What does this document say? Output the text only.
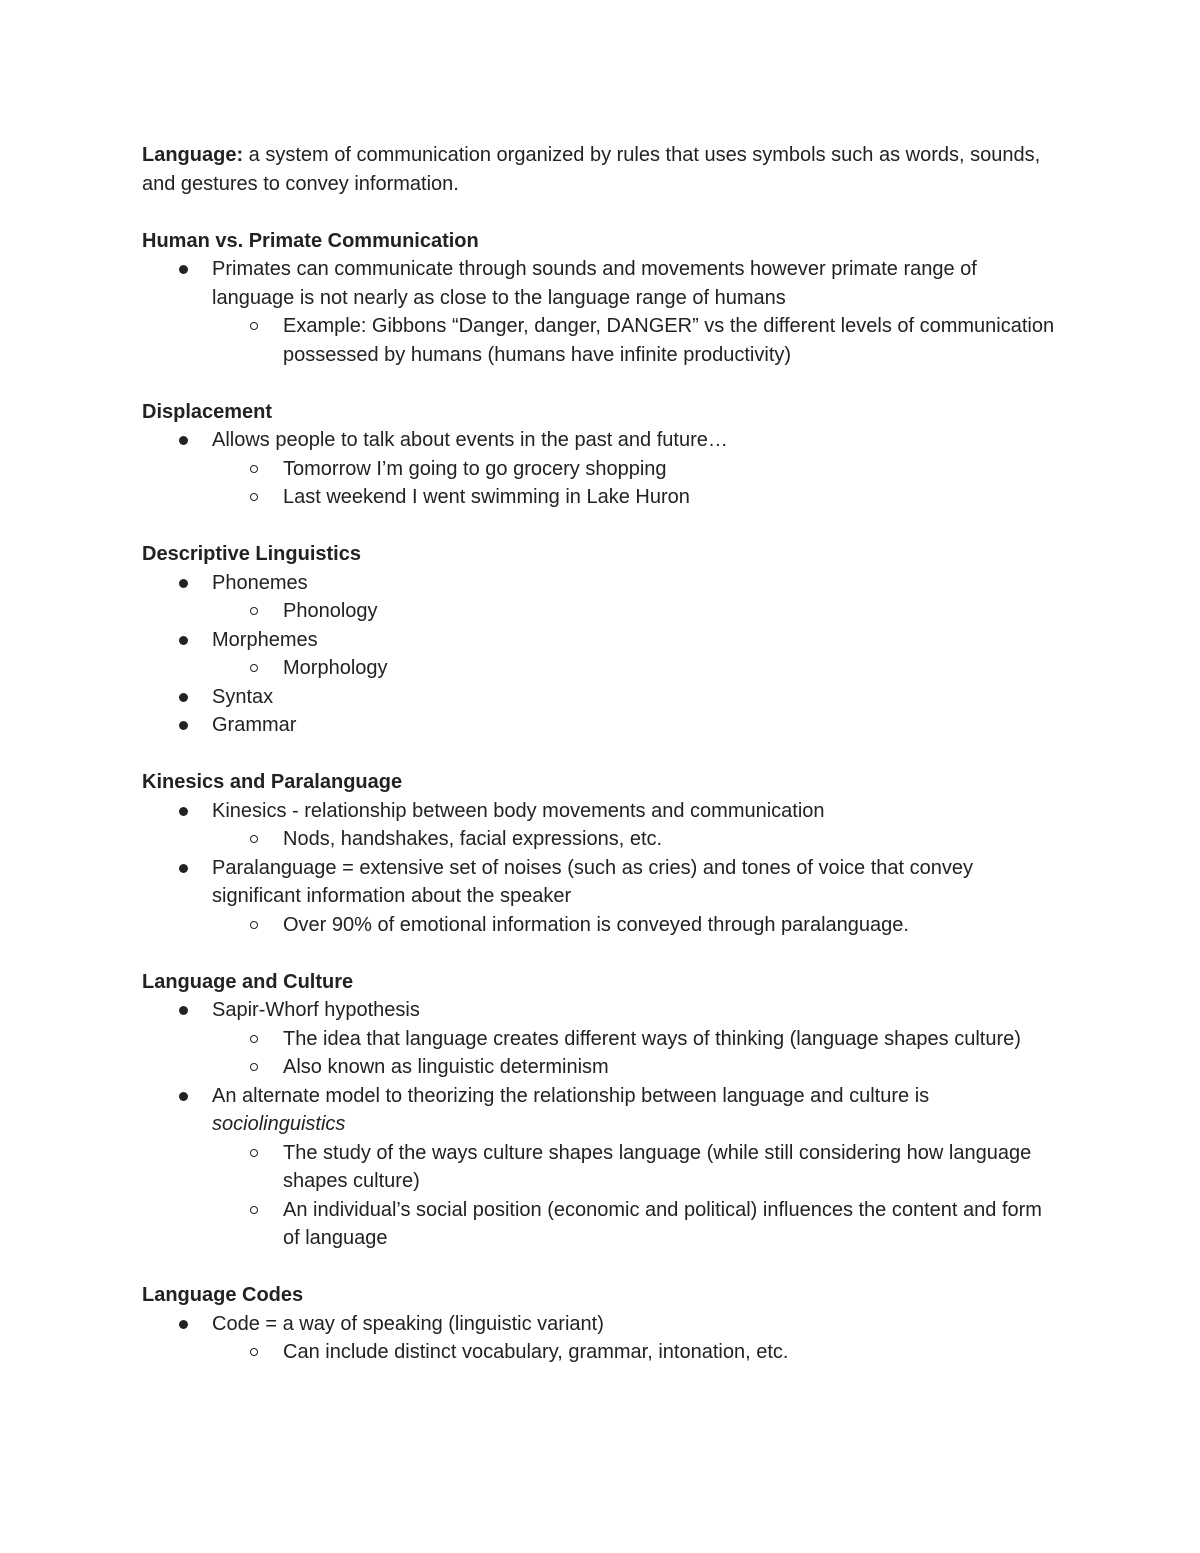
Language: a system of communication organized by rules that uses symbols such as words, sounds, and gestures to convey information.

Human vs. Primate Communication

Primates can communicate through sounds and movements however primate range of language is not nearly as close to the language range of humans
Example: Gibbons “Danger, danger, DANGER” vs the different levels of communication possessed by humans (humans have infinite productivity)

Displacement

Allows people to talk about events in the past and future…
Tomorrow I’m going to go grocery shopping
Last weekend I went swimming in Lake Huron

Descriptive Linguistics

Phonemes
Phonology
Morphemes
Morphology
Syntax
Grammar

Kinesics and Paralanguage

Kinesics - relationship between body movements and communication
Nods, handshakes, facial expressions, etc.
Paralanguage = extensive set of noises (such as cries) and tones of voice that convey significant information about the speaker
Over 90% of emotional information is conveyed through paralanguage.

Language and Culture

Sapir-Whorf hypothesis
The idea that language creates different ways of thinking (language shapes culture)
Also known as linguistic determinism
An alternate model to theorizing the relationship between language and culture is sociolinguistics
The study of the ways culture shapes language (while still considering how language shapes culture)
An individual’s social position (economic and political) influences the content and form of language

Language Codes

Code = a way of speaking (linguistic variant)
Can include distinct vocabulary, grammar, intonation, etc.
